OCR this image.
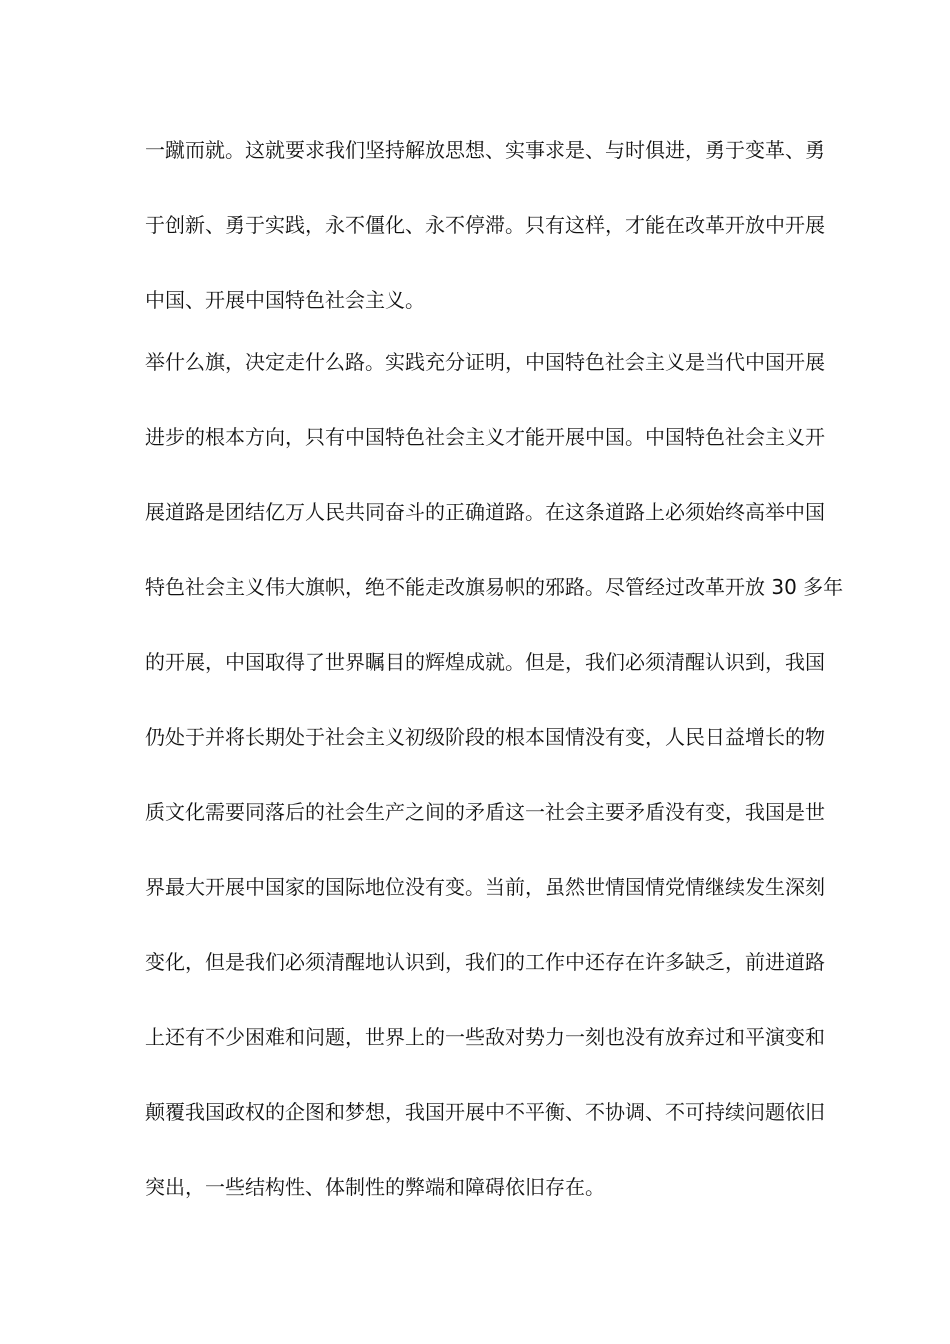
一蹴而就。这就要求我们坚持解放思想、实事求是、与时俱进，勇于变革、勇
于创新、勇于实践，永不僵化、永不停滞。只有这样，才能在改革开放中开展
中国、开展中国特色社会主义。
举什么旗，决定走什么路。实践充分证明，中国特色社会主义是当代中国开展
进步的根本方向，只有中国特色社会主义才能开展中国。中国特色社会主义开
展道路是团结亿万人民共同奋斗的正确道路。在这条道路上必须始终高举中国
特色社会主义伟大旗帜，绝不能走改旗易帜的邪路。尽管经过改革开放 30 多年
的开展，中国取得了世界瞩目的辉煌成就。但是，我们必须清醒认识到，我国
仍处于并将长期处于社会主义初级阶段的根本国情没有变，人民日益增长的物
质文化需要同落后的社会生产之间的矛盾这一社会主要矛盾没有变，我国是世
界最大开展中国家的国际地位没有变。当前，虽然世情国情党情继续发生深刻
变化，但是我们必须清醒地认识到，我们的工作中还存在许多缺乏，前进道路
上还有不少困难和问题，世界上的一些敌对势力一刻也没有放弃过和平演变和
颠覆我国政权的企图和梦想，我国开展中不平衡、不协调、不可持续问题依旧
突出，一些结构性、体制性的弊端和障碍依旧存在。
